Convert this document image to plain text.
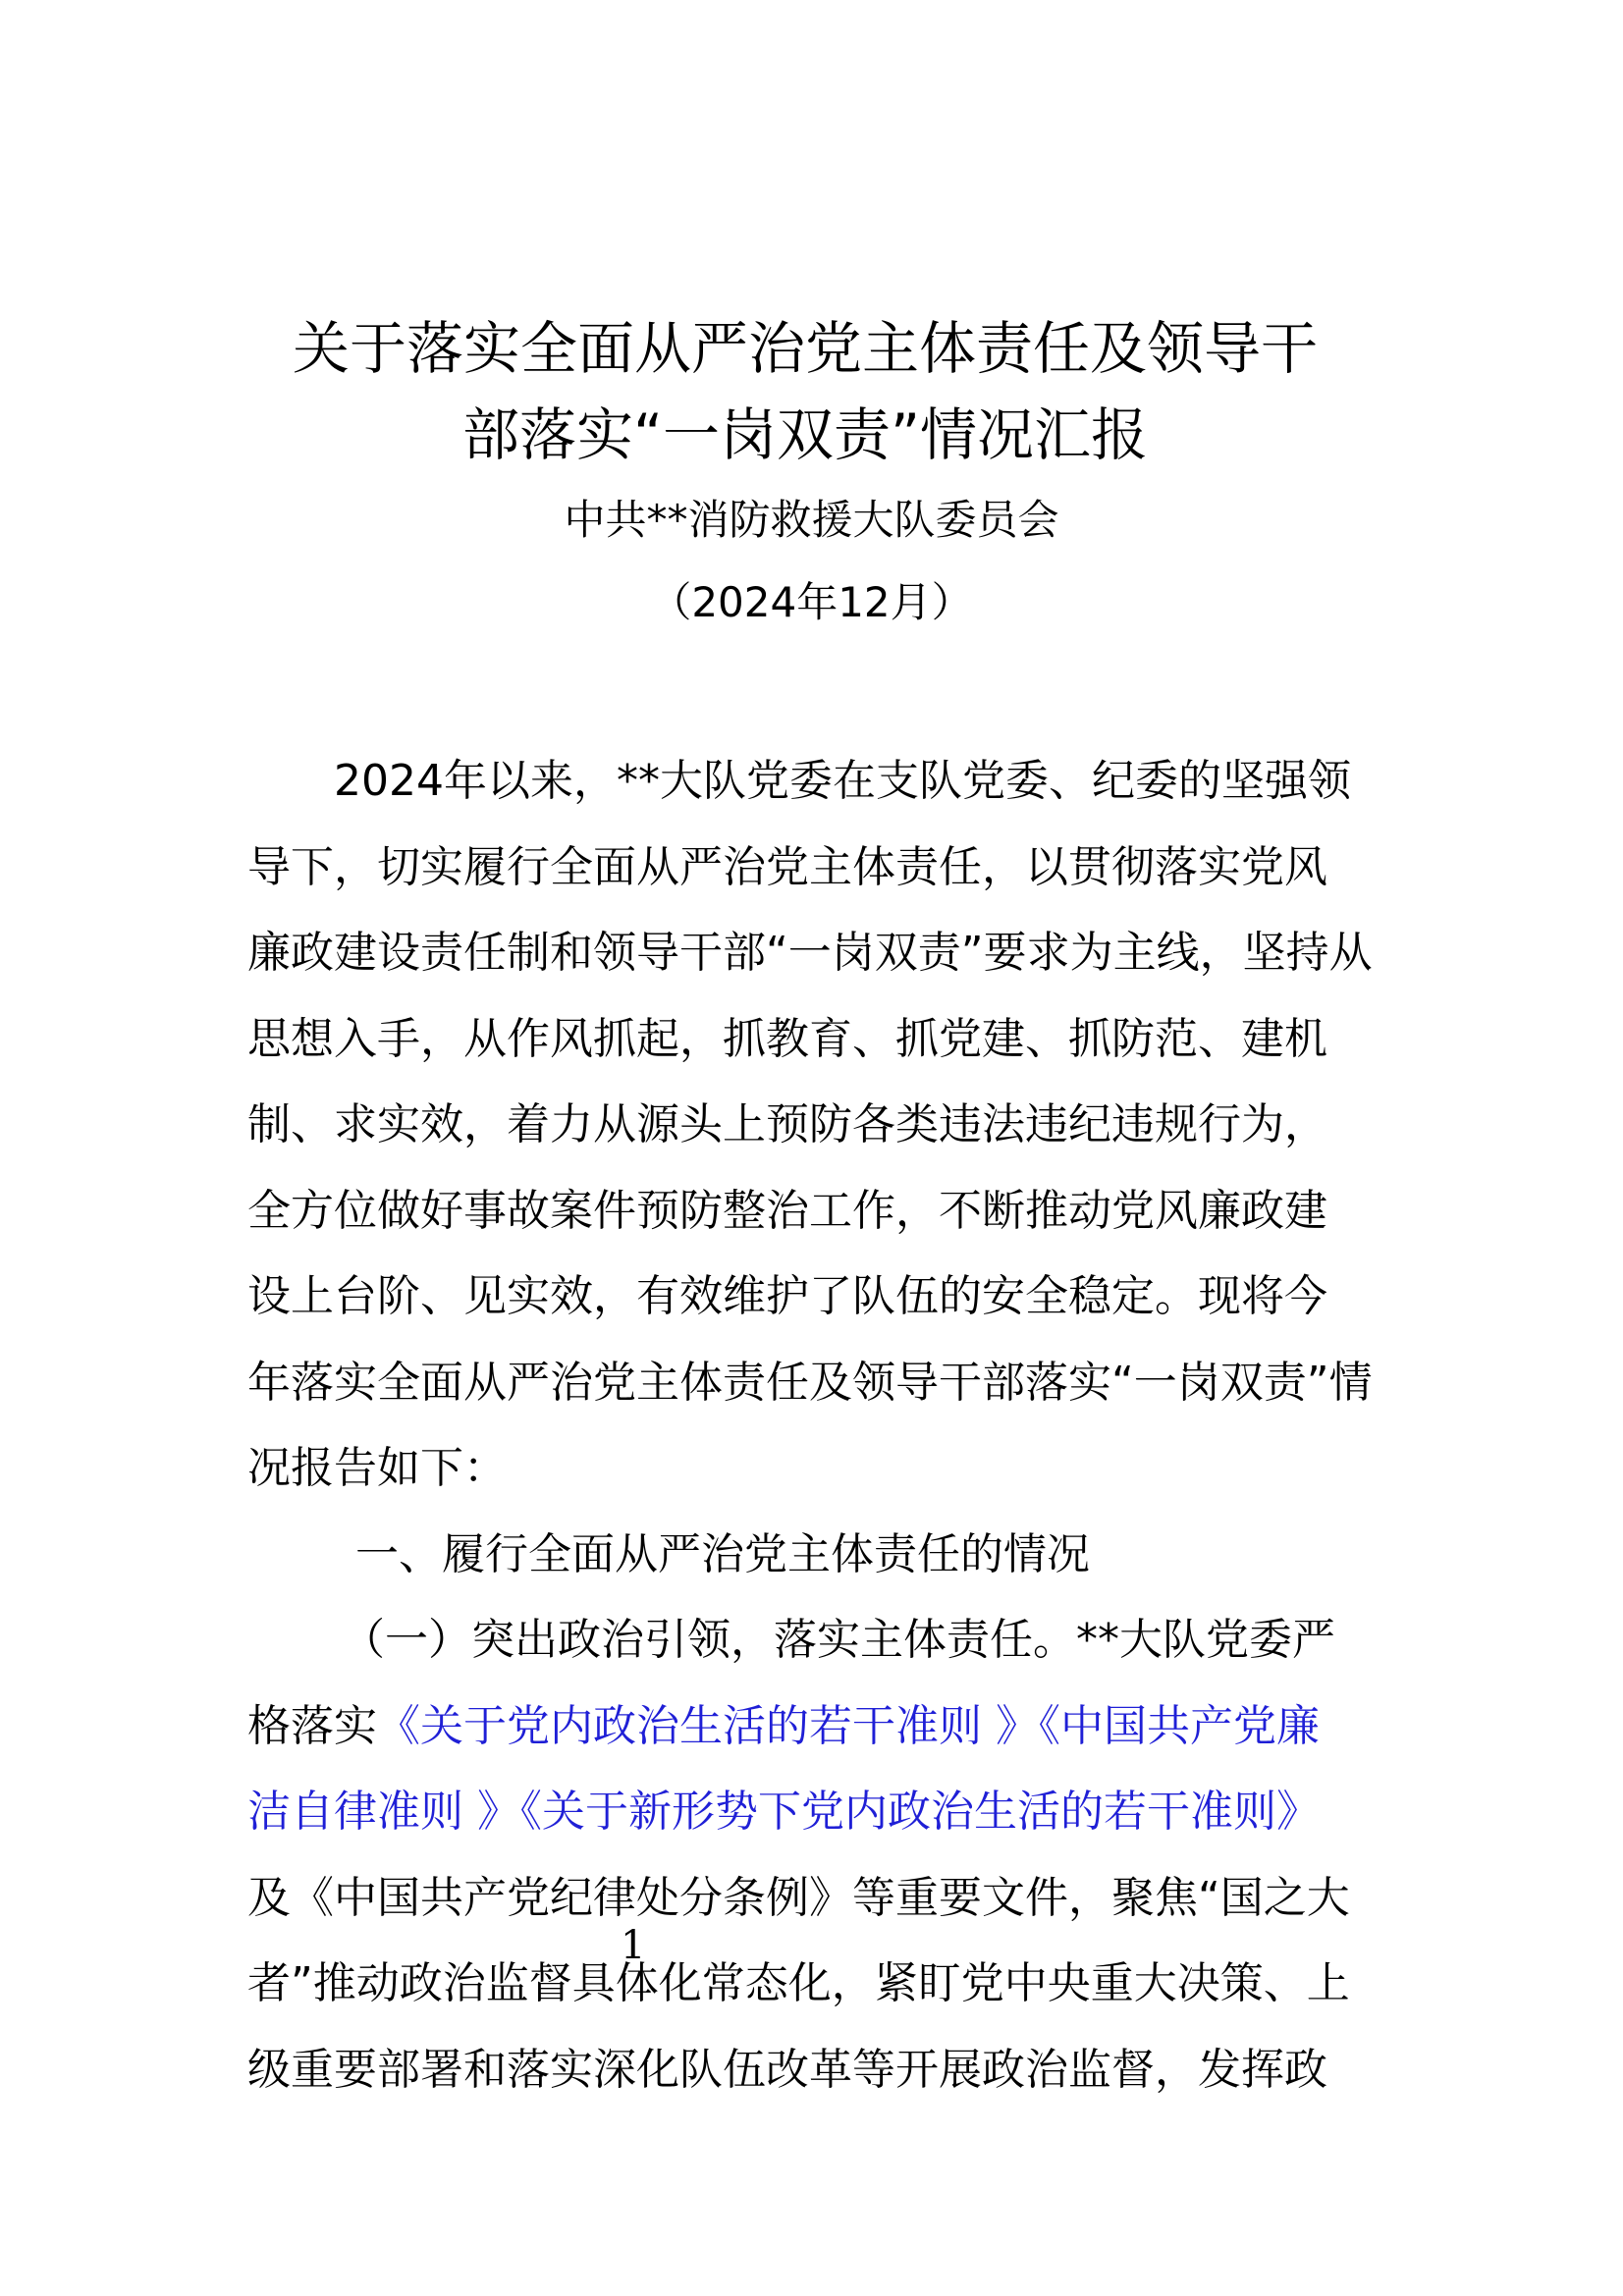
关于落实全面从严治党主体责任及领导干
部落实“一岗双责”情况汇报
中共**消防救援大队委员会
（2024年12月）
2024年以来，**大队党委在支队党委、纪委的坚强领
导下，切实履行全面从严治党主体责任，以贯彻落实党风
廉政建设责任制和领导干部“一岗双责”要求为主线，坚持从
思想入手，从作风抓起，抓教育、抓党建、抓防范、建机
制、求实效，着力从源头上预防各类违法违纪违规行为，
全方位做好事故案件预防整治工作，不断推动党风廉政建
设上台阶、见实效，有效维护了队伍的安全稳定。现将今
年落实全面从严治党主体责任及领导干部落实“一岗双责”情
况报告如下：
一、履行全面从严治党主体责任的情况
（一）突出政治引领，落实主体责任。**大队党委严
格落实《关于党内政治生活的若干准则 》《中国共产党廉
洁自律准则 》《关于新形势下党内政治生活的若干准则》
及《中国共产党纪律处分条例》等重要文件，聚焦“国之大
者”推动政治监督具体化常态化，紧盯党中央重大决策、上
级重要部署和落实深化队伍改革等开展政治监督，发挥政
1
